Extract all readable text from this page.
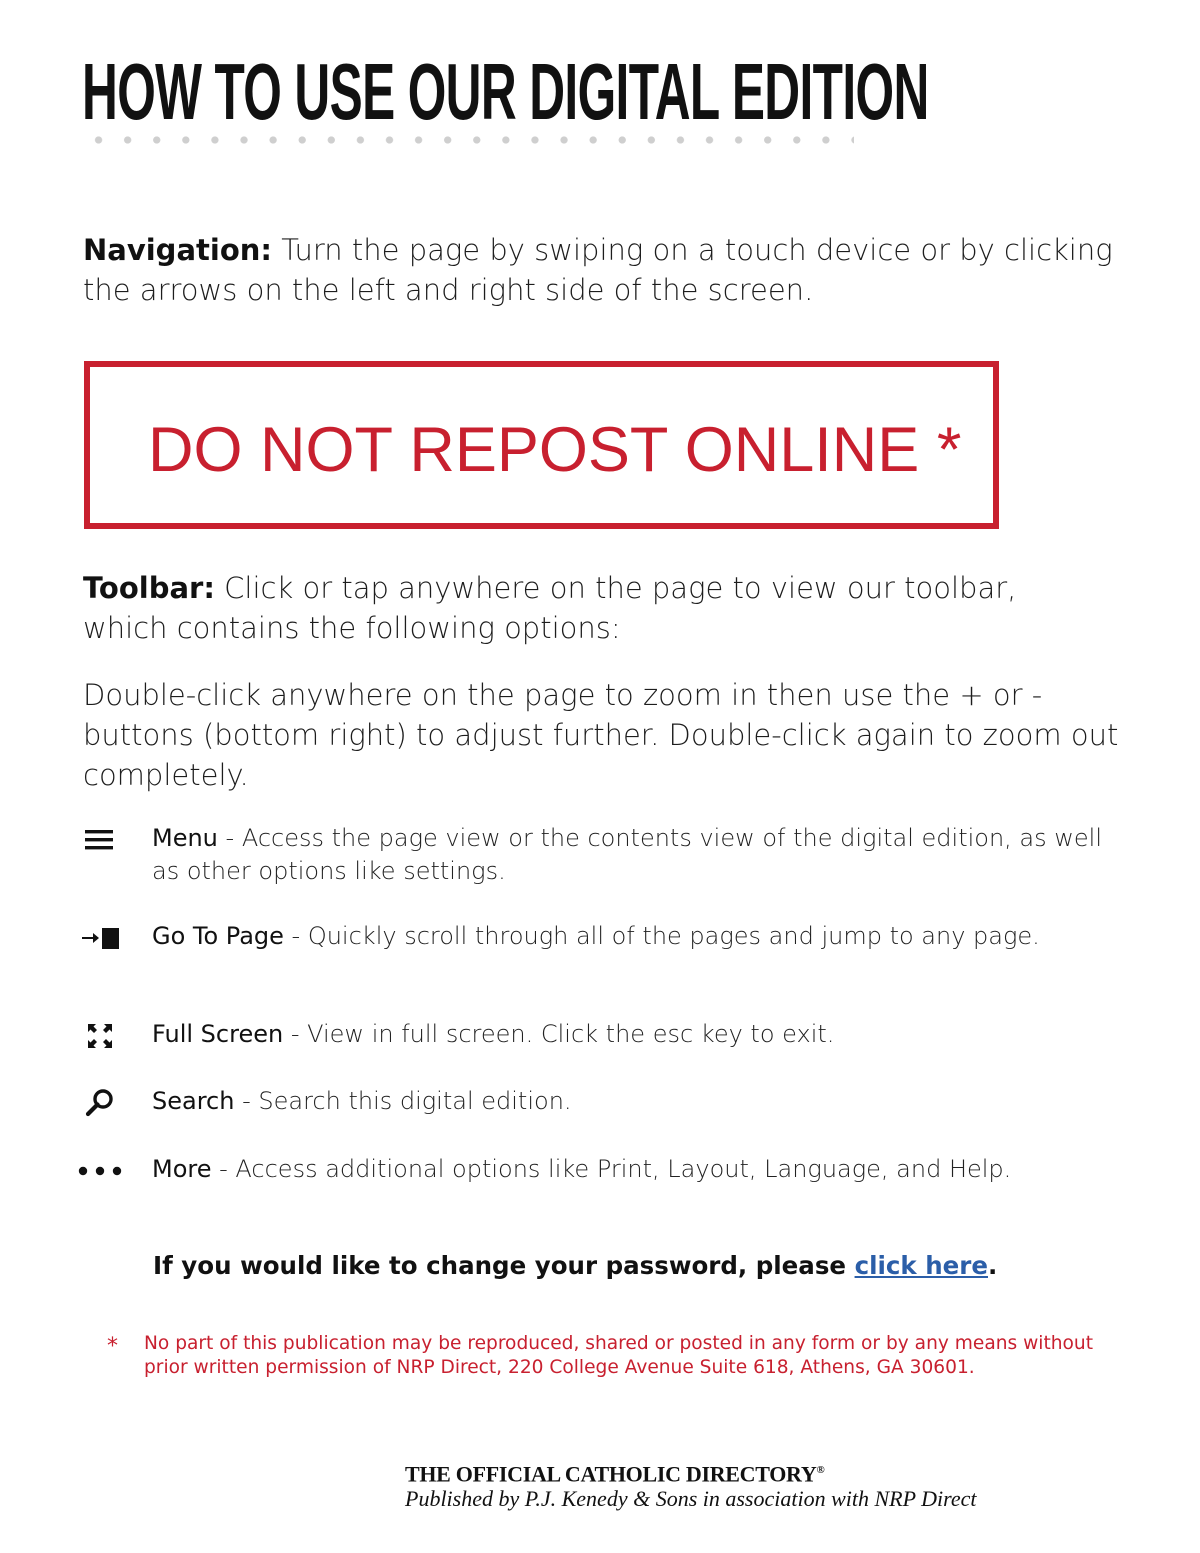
HOW TO USE OUR DIGITAL EDITION

Navigation: Turn the page by swiping on a touch device or by clicking the arrows on the left and right side of the screen.

DO NOT REPOST ONLINE *

Toolbar: Click or tap anywhere on the page to view our toolbar, which contains the following options:

Double-click anywhere on the page to zoom in then use the + or - buttons (bottom right) to adjust further. Double-click again to zoom out completely.

Menu - Access the page view or the contents view of the digital edition, as well as other options like settings.

Go To Page - Quickly scroll through all of the pages and jump to any page.

Full Screen - View in full screen. Click the esc key to exit.

Search - Search this digital edition.

More - Access additional options like Print, Layout, Language, and Help.

If you would like to change your password, please click here.

* No part of this publication may be reproduced, shared or posted in any form or by any means without prior written permission of NRP Direct, 220 College Avenue Suite 618, Athens, GA 30601.

THE OFFICIAL CATHOLIC DIRECTORY®

Published by P.J. Kenedy & Sons in association with NRP Direct
